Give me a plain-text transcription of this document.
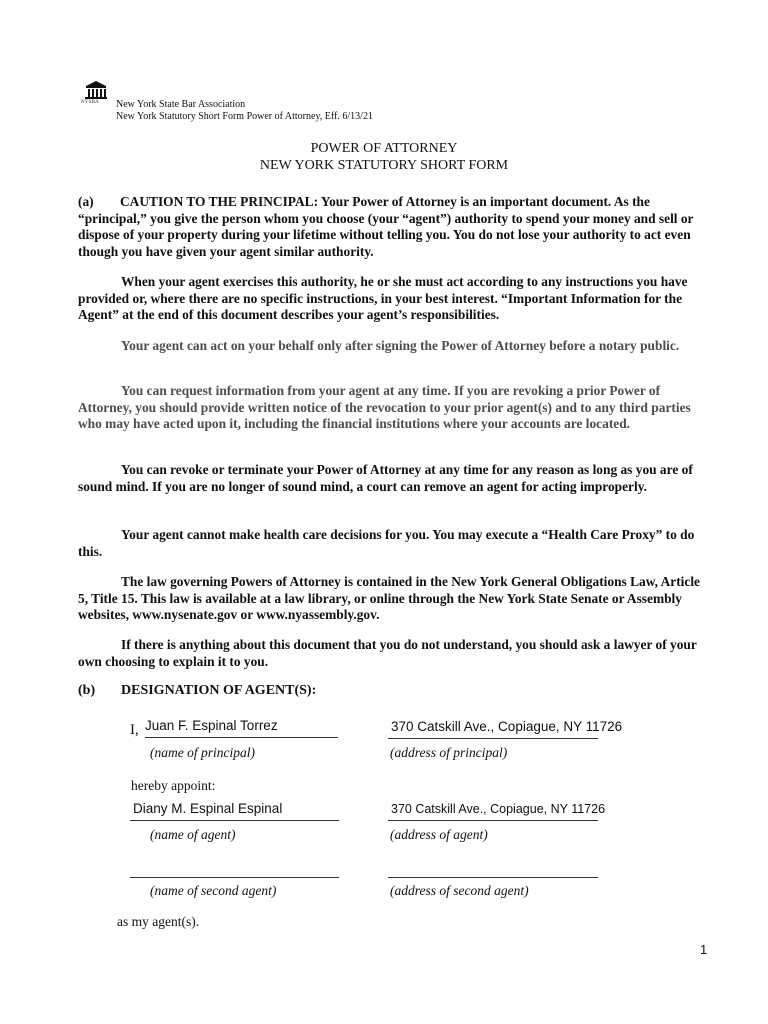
NYSBA New York State Bar Association
New York Statutory Short Form Power of Attorney, Eff. 6/13/21
POWER OF ATTORNEY
NEW YORK STATUTORY SHORT FORM

(a) CAUTION TO THE PRINCIPAL: Your Power of Attorney is an important document. As the “principal,” you give the person whom you choose (your “agent”) authority to spend your money and sell or dispose of your property during your lifetime without telling you. You do not lose your authority to act even though you have given your agent similar authority.

When your agent exercises this authority, he or she must act according to any instructions you have provided or, where there are no specific instructions, in your best interest. “Important Information for the Agent” at the end of this document describes your agent’s responsibilities.

Your agent can act on your behalf only after signing the Power of Attorney before a notary public.

You can request information from your agent at any time. If you are revoking a prior Power of Attorney, you should provide written notice of the revocation to your prior agent(s) and to any third parties who may have acted upon it, including the financial institutions where your accounts are located.

You can revoke or terminate your Power of Attorney at any time for any reason as long as you are of sound mind. If you are no longer of sound mind, a court can remove an agent for acting improperly.

Your agent cannot make health care decisions for you. You may execute a “Health Care Proxy” to do this.

The law governing Powers of Attorney is contained in the New York General Obligations Law, Article 5, Title 15. This law is available at a law library, or online through the New York State Senate or Assembly websites, www.nysenate.gov or www.nyassembly.gov.

If there is anything about this document that you do not understand, you should ask a lawyer of your own choosing to explain it to you.

(b) DESIGNATION OF AGENT(S):
I, Juan F. Espinal Torrez	370 Catskill Ave., Copiague, NY 11726
(name of principal)	(address of principal)
hereby appoint:
Diany M. Espinal Espinal	370 Catskill Ave., Copiague, NY 11726
(name of agent)	(address of agent)
(name of second agent)	(address of second agent)
as my agent(s).
1
